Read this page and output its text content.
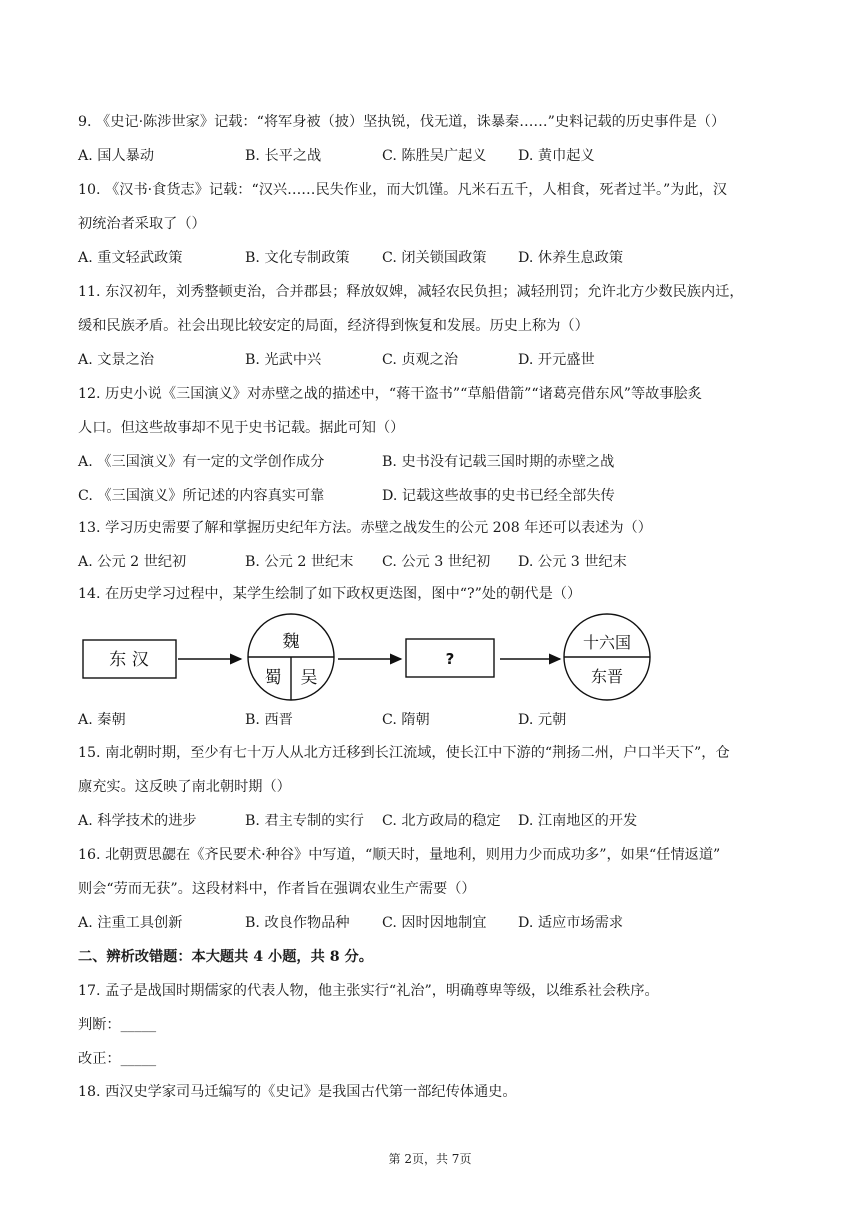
9. 《史记·陈涉世家》记载：“将军身被（披）坚执锐，伐无道，诛暴秦……”史料记载的历史事件是（）
A. 国人暴动	B. 长平之战	C. 陈胜吴广起义 D. 黄巾起义
10. 《汉书·食货志》记载：“汉兴……民失作业，而大饥馑。凡米石五千，人相食，死者过半。”为此，汉
初统治者采取了（）
A. 重文轻武政策	B. 文化专制政策 C. 闭关锁国政策 D. 休养生息政策
11. 东汉初年，刘秀整顿吏治，合并郡县；释放奴婢，减轻农民负担；减轻刑罚；允许北方少数民族内迁，
缓和民族矛盾。社会出现比较安定的局面，经济得到恢复和发展。历史上称为（）
A. 文景之治	B. 光武中兴	C. 贞观之治	D. 开元盛世
12. 历史小说《三国演义》对赤壁之战的描述中，“蒋干盗书”“草船借箭”“诸葛亮借东风”等故事脍炙
人口。但这些故事却不见于史书记载。据此可知（）
A. 《三国演义》有一定的文学创作成分	B. 史书没有记载三国时期的赤壁之战
C. 《三国演义》所记述的内容真实可靠	D. 记载这些故事的史书已经全部失传
13. 学习历史需要了解和掌握历史纪年方法。赤壁之战发生的公元 208 年还可以表述为（）
A. 公元 2 世纪初	B. 公元 2 世纪末 C. 公元 3 世纪初 D. 公元 3 世纪末
14. 在历史学习过程中，某学生绘制了如下政权更迭图，图中“?”处的朝代是（）
东 汉
魏
蜀 吴
?
十六国
东晋
A. 秦朝	B. 西晋	C. 隋朝	D. 元朝
15. 南北朝时期，至少有七十万人从北方迁移到长江流域，使长江中下游的“荆扬二州，户口半天下”，仓
廪充实。这反映了南北朝时期（）
A. 科学技术的进步	B. 君主专制的实行 C. 北方政局的稳定 D. 江南地区的开发
16. 北朝贾思勰在《齐民要术·种谷》中写道，“顺天时，量地利，则用力少而成功多”，如果“任情返道”
则会“劳而无获”。这段材料中，作者旨在强调农业生产需要（）
A. 注重工具创新	B. 改良作物品种 C. 因时因地制宜 D. 适应市场需求
二、辨析改错题：本大题共 4 小题，共 8 分。
17. 孟子是战国时期儒家的代表人物，他主张实行“礼治”，明确尊卑等级，以维系社会秩序。
判断：_____
改正：_____
18. 西汉史学家司马迁编写的《史记》是我国古代第一部纪传体通史。
第 2页，共 7页
